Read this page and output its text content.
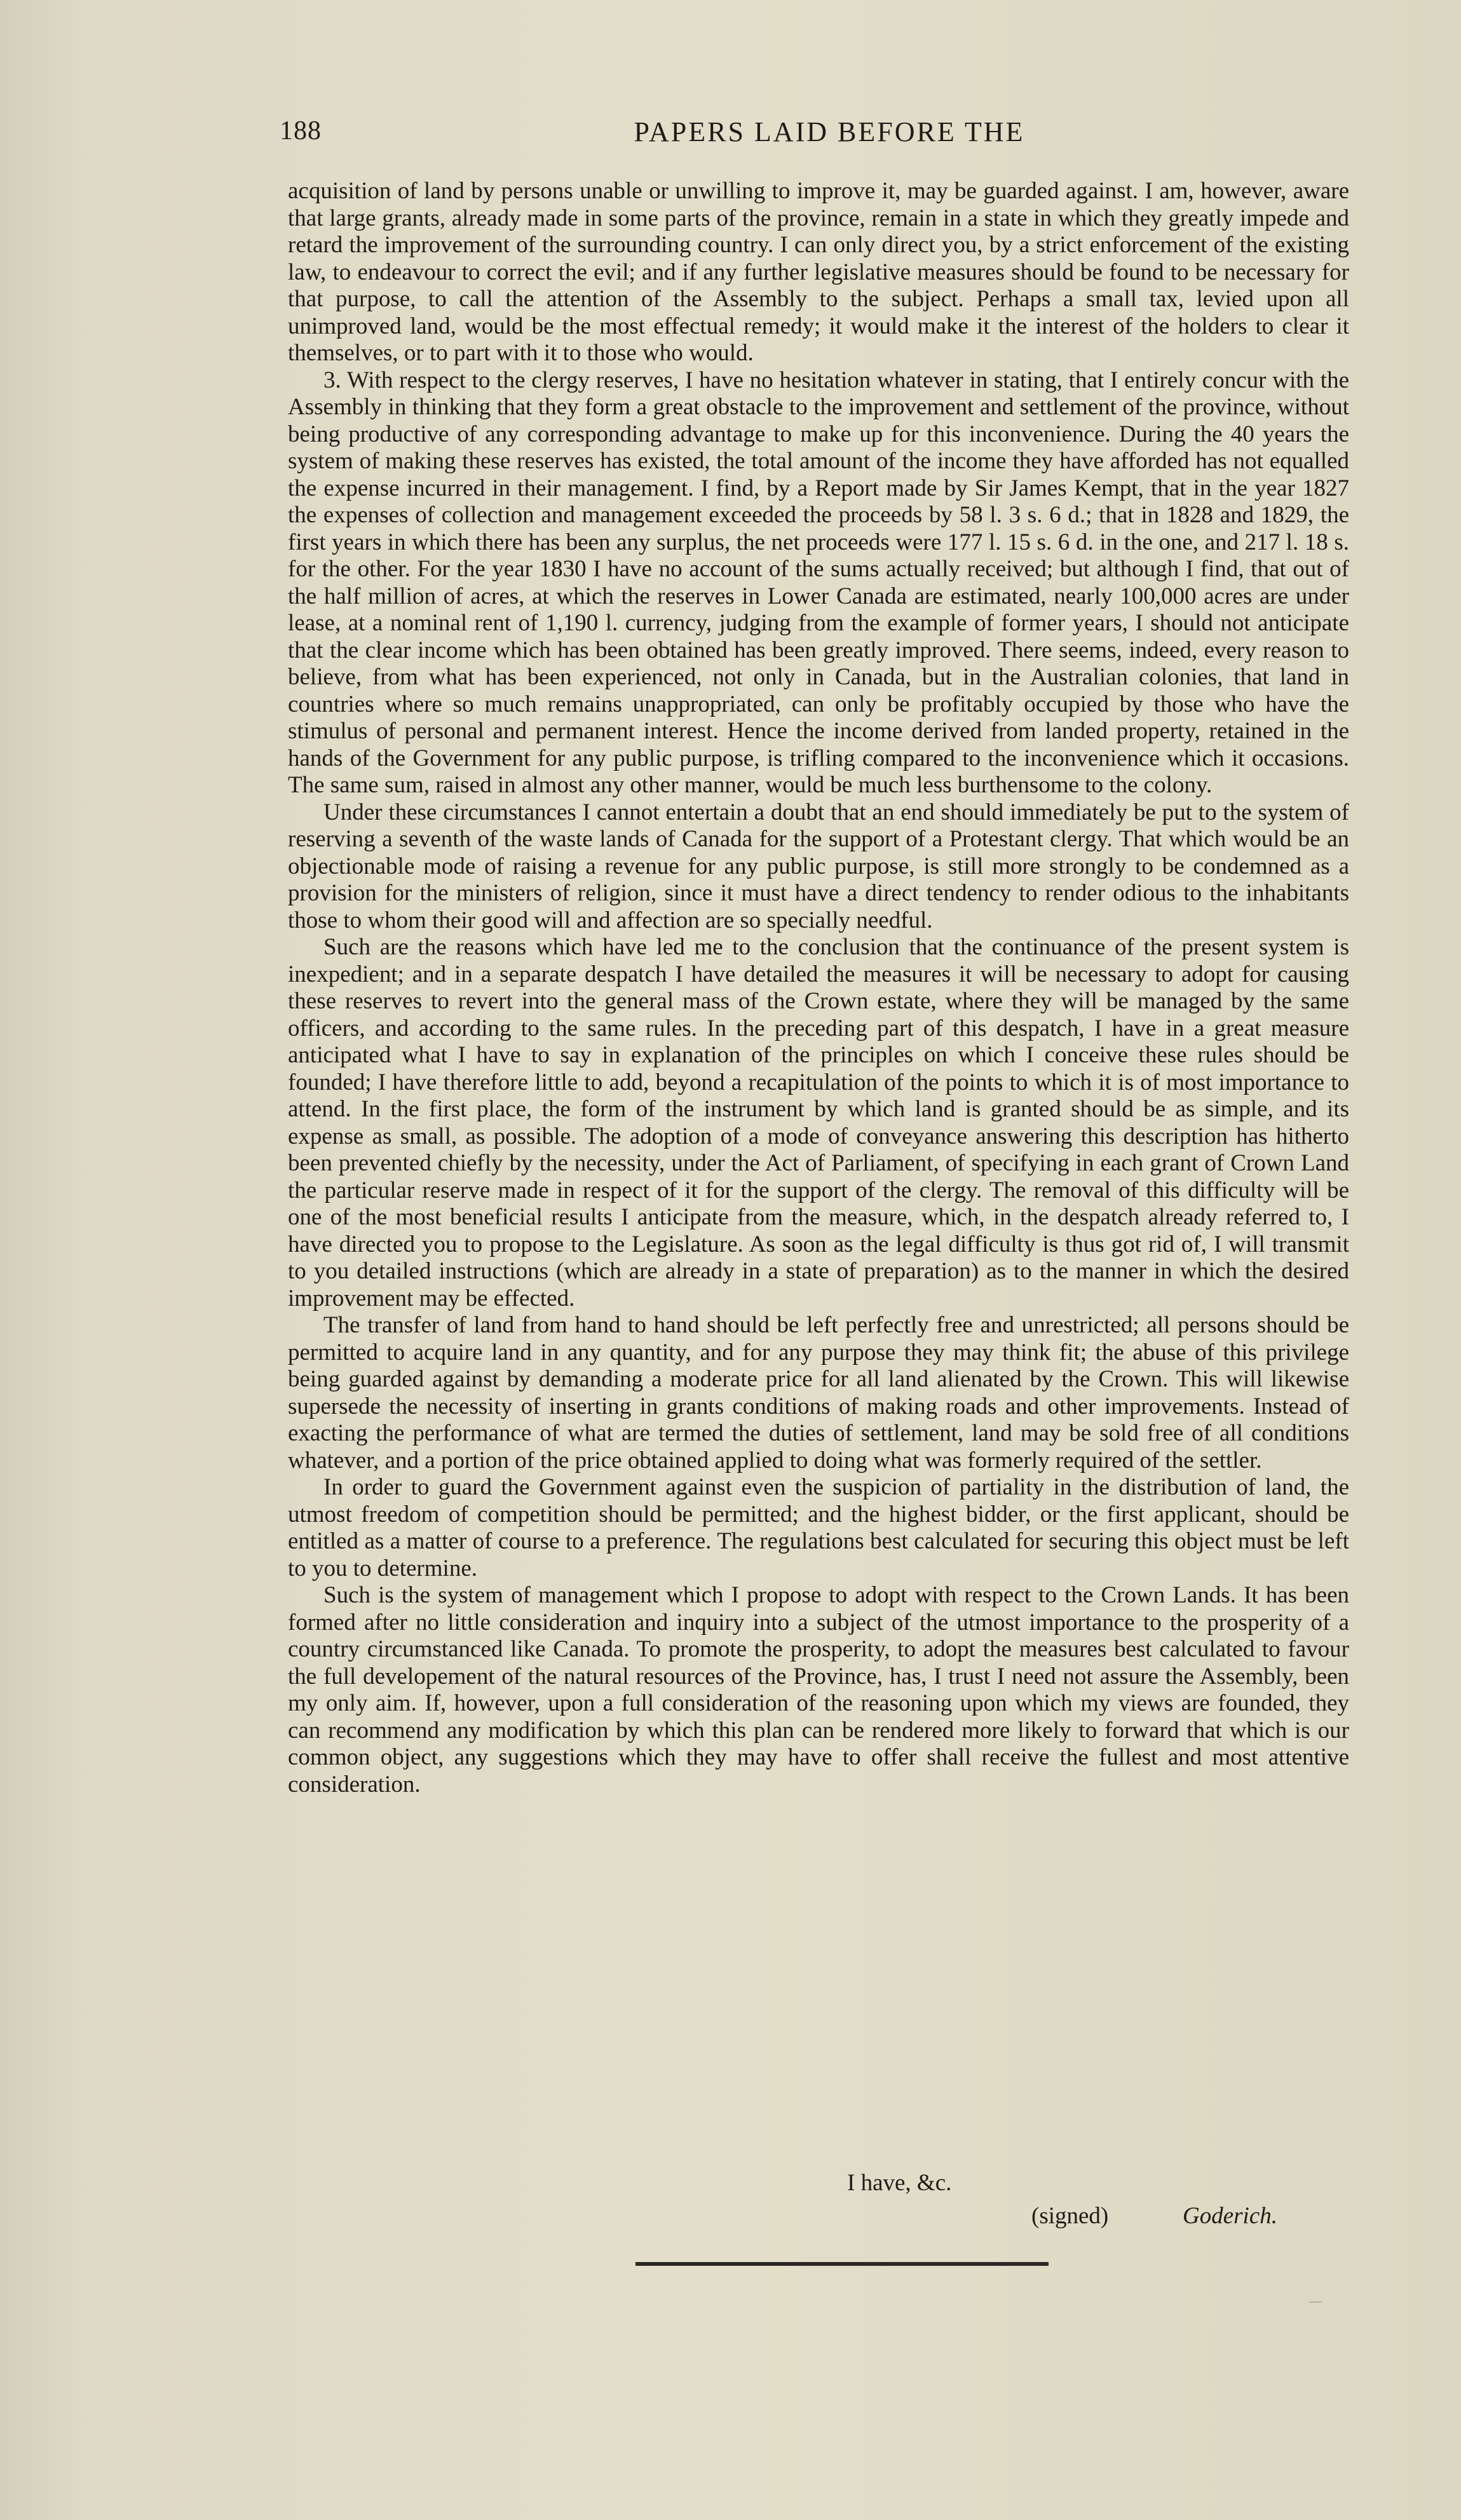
188	PAPERS LAID BEFORE THE

acquisition of land by persons unable or unwilling to improve it, may be guarded against. I am, however, aware that large grants, already made in some parts of the province, remain in a state in which they greatly impede and retard the improvement of the surrounding country. I can only direct you, by a strict enforcement of the existing law, to endeavour to correct the evil; and if any further legislative measures should be found to be necessary for that purpose, to call the attention of the Assembly to the subject. Perhaps a small tax, levied upon all unimproved land, would be the most effectual remedy; it would make it the interest of the holders to clear it themselves, or to part with it to those who would.

3. With respect to the clergy reserves, I have no hesitation whatever in stating, that I entirely concur with the Assembly in thinking that they form a great obstacle to the improvement and settlement of the province, without being productive of any corresponding advantage to make up for this inconvenience. During the 40 years the system of making these reserves has existed, the total amount of the income they have afforded has not equalled the expense incurred in their management. I find, by a Report made by Sir James Kempt, that in the year 1827 the expenses of collection and management exceeded the proceeds by 58 l. 3 s. 6 d.; that in 1828 and 1829, the first years in which there has been any surplus, the net proceeds were 177 l. 15 s. 6 d. in the one, and 217 l. 18 s. for the other. For the year 1830 I have no account of the sums actually received; but although I find, that out of the half million of acres, at which the reserves in Lower Canada are estimated, nearly 100,000 acres are under lease, at a nominal rent of 1,190 l. currency, judging from the example of former years, I should not anticipate that the clear income which has been obtained has been greatly improved. There seems, indeed, every reason to believe, from what has been experienced, not only in Canada, but in the Australian colonies, that land in countries where so much remains unappropriated, can only be profitably occupied by those who have the stimulus of personal and permanent interest. Hence the income derived from landed property, retained in the hands of the Government for any public purpose, is trifling compared to the inconvenience which it occasions. The same sum, raised in almost any other manner, would be much less burthensome to the colony.

Under these circumstances I cannot entertain a doubt that an end should immediately be put to the system of reserving a seventh of the waste lands of Canada for the support of a Protestant clergy. That which would be an objectionable mode of raising a revenue for any public purpose, is still more strongly to be condemned as a provision for the ministers of religion, since it must have a direct tendency to render odious to the inhabitants those to whom their good will and affection are so specially needful.

Such are the reasons which have led me to the conclusion that the continuance of the present system is inexpedient; and in a separate despatch I have detailed the measures it will be necessary to adopt for causing these reserves to revert into the general mass of the Crown estate, where they will be managed by the same officers, and according to the same rules. In the preceding part of this despatch, I have in a great measure anticipated what I have to say in explanation of the principles on which I conceive these rules should be founded; I have therefore little to add, beyond a recapitulation of the points to which it is of most importance to attend. In the first place, the form of the instrument by which land is granted should be as simple, and its expense as small, as possible. The adoption of a mode of conveyance answering this description has hitherto been prevented chiefly by the necessity, under the Act of Parliament, of specifying in each grant of Crown Land the particular reserve made in respect of it for the support of the clergy. The removal of this difficulty will be one of the most beneficial results I anticipate from the measure, which, in the despatch already referred to, I have directed you to propose to the Legislature. As soon as the legal difficulty is thus got rid of, I will transmit to you detailed instructions (which are already in a state of preparation) as to the manner in which the desired improvement may be effected.

The transfer of land from hand to hand should be left perfectly free and unrestricted; all persons should be permitted to acquire land in any quantity, and for any purpose they may think fit; the abuse of this privilege being guarded against by demanding a moderate price for all land alienated by the Crown. This will likewise supersede the necessity of inserting in grants conditions of making roads and other improvements. Instead of exacting the performance of what are termed the duties of settlement, land may be sold free of all conditions whatever, and a portion of the price obtained applied to doing what was formerly required of the settler.

In order to guard the Government against even the suspicion of partiality in the distribution of land, the utmost freedom of competition should be permitted; and the highest bidder, or the first applicant, should be entitled as a matter of course to a preference. The regulations best calculated for securing this object must be left to you to determine.

Such is the system of management which I propose to adopt with respect to the Crown Lands. It has been formed after no little consideration and inquiry into a subject of the utmost importance to the prosperity of a country circumstanced like Canada. To promote the prosperity, to adopt the measures best calculated to favour the full developement of the natural resources of the Province, has, I trust I need not assure the Assembly, been my only aim. If, however, upon a full consideration of the reasoning upon which my views are founded, they can recommend any modification by which this plan can be rendered more likely to forward that which is our common object, any suggestions which they may have to offer shall receive the fullest and most attentive consideration.

I have, &c.
(signed)	Goderich.
